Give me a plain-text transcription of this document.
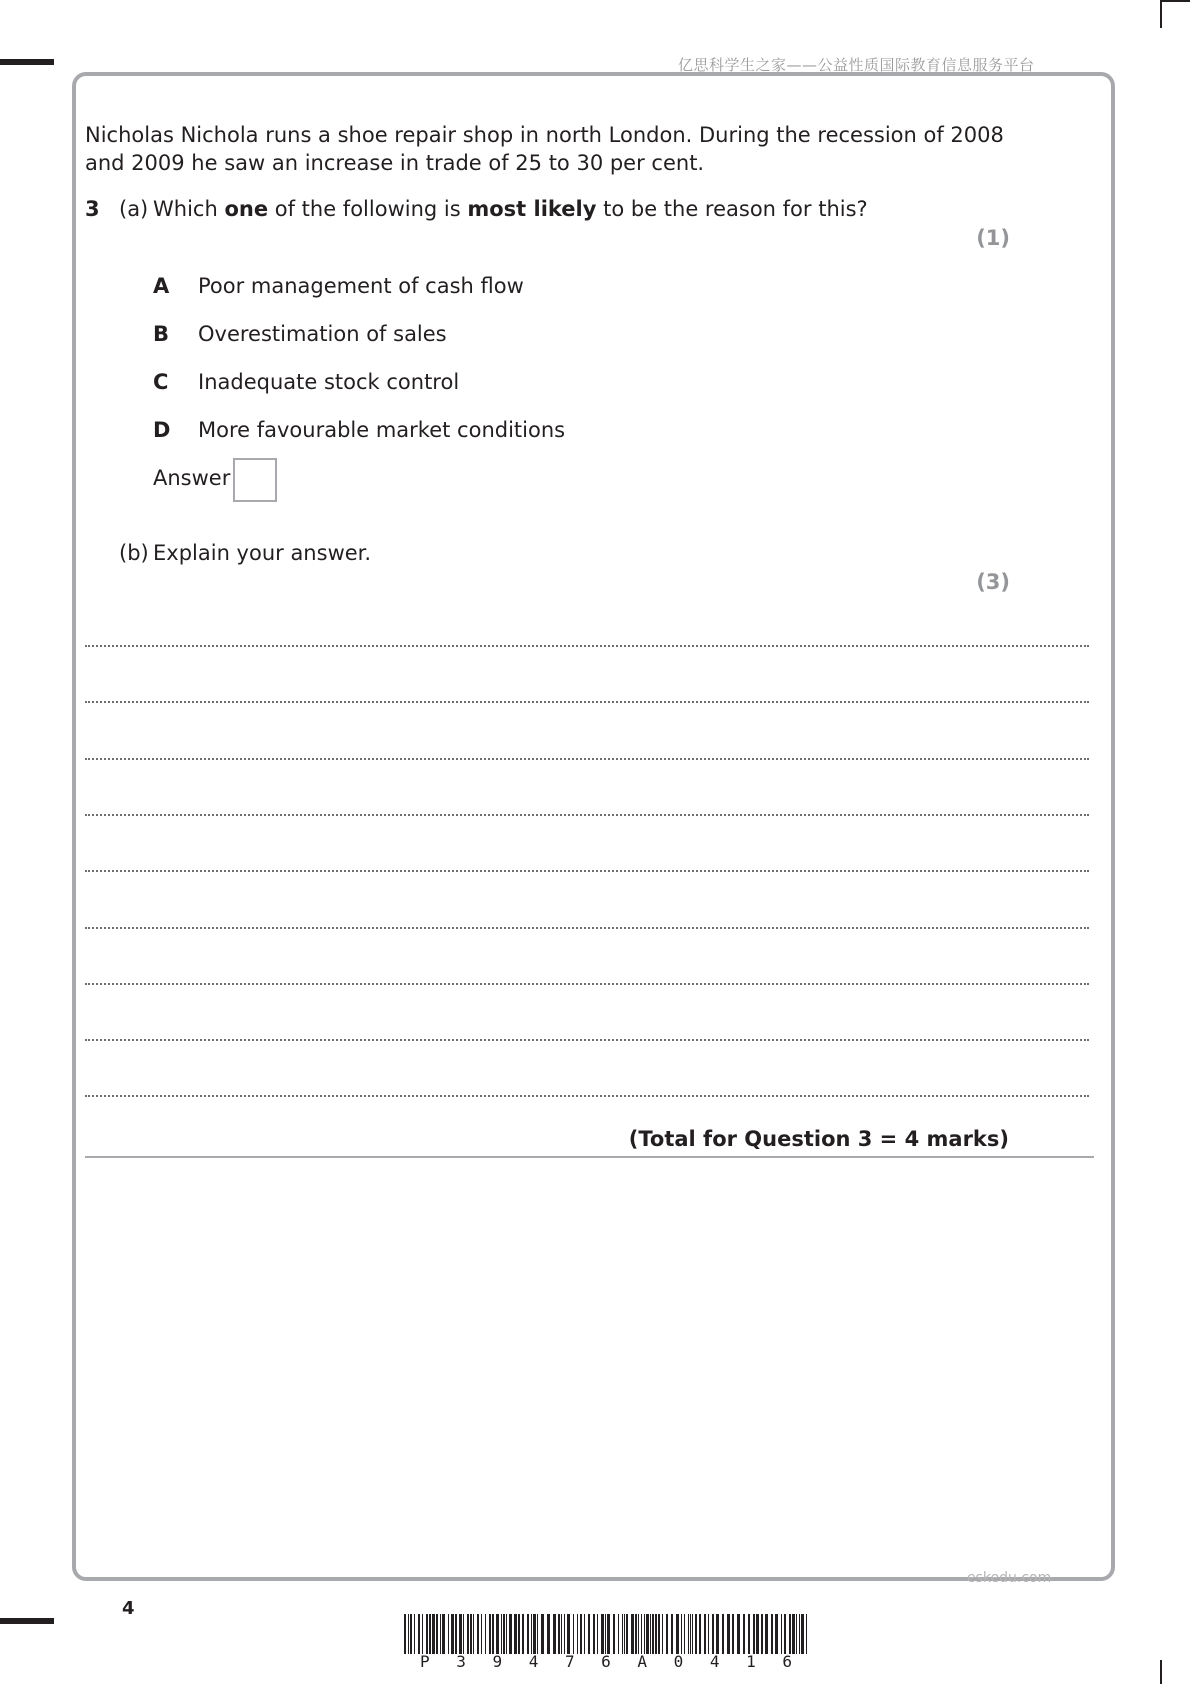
亿思科学生之家——公益性质国际教育信息服务平台
Nicholas Nichola runs a shoe repair shop in north London. During the recession of 2008 and 2009 he saw an increase in trade of 25 to 30 per cent.
3 (a) Which one of the following is most likely to be the reason for this?
(1)
A Poor management of cash flow
B Overestimation of sales
C Inadequate stock control
D More favourable market conditions
Answer
(b) Explain your answer.
(3)
(Total for Question 3 = 4 marks)
eskedu.com
4
P 3 9 4 7 6 A 0 4 1 6
